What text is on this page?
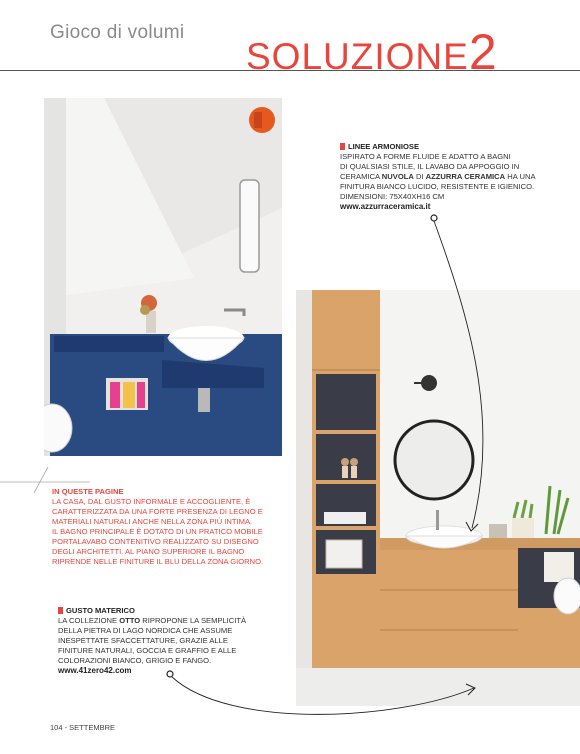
Gioco di volumi
SOLUZIONE2
LINEE ARMONIOSE
ISPIRATO A FORME FLUIDE E ADATTO A BAGNI
DI QUALSIASI STILE, IL LAVABO DA APPOGGIO IN
CERAMICA NUVOLA DI AZZURRA CERAMICA HA UNA
FINITURA BIANCO LUCIDO, RESISTENTE E IGIENICO.
DIMENSIONI: 75X40XH16 CM
www.azzurraceramica.it
IN QUESTE PAGINE
LA CASA, DAL GUSTO INFORMALE E ACCOGLIENTE, È
CARATTERIZZATA DA UNA FORTE PRESENZA DI LEGNO E
MATERIALI NATURALI ANCHE NELLA ZONA PIÙ INTIMA.
IL BAGNO PRINCIPALE È DOTATO DI UN PRATICO MOBILE
PORTALAVABO CONTENITIVO REALIZZATO SU DISEGNO
DEGLI ARCHITETTI. AL PIANO SUPERIORE IL BAGNO
RIPRENDE NELLE FINITURE IL BLU DELLA ZONA GIORNO.
GUSTO MATERICO
LA COLLEZIONE OTTO RIPROPONE LA SEMPLICITÀ
DELLA PIETRA DI LAGO NORDICA CHE ASSUME
INESPETTATE SFACCETTATURE, GRAZIE ALLE
FINITURE NATURALI, GOCCIA E GRAFFIO E ALLE
COLORAZIONI BIANCO, GRIGIO E FANGO.
www.41zero42.com
104 - SETTEMBRE
